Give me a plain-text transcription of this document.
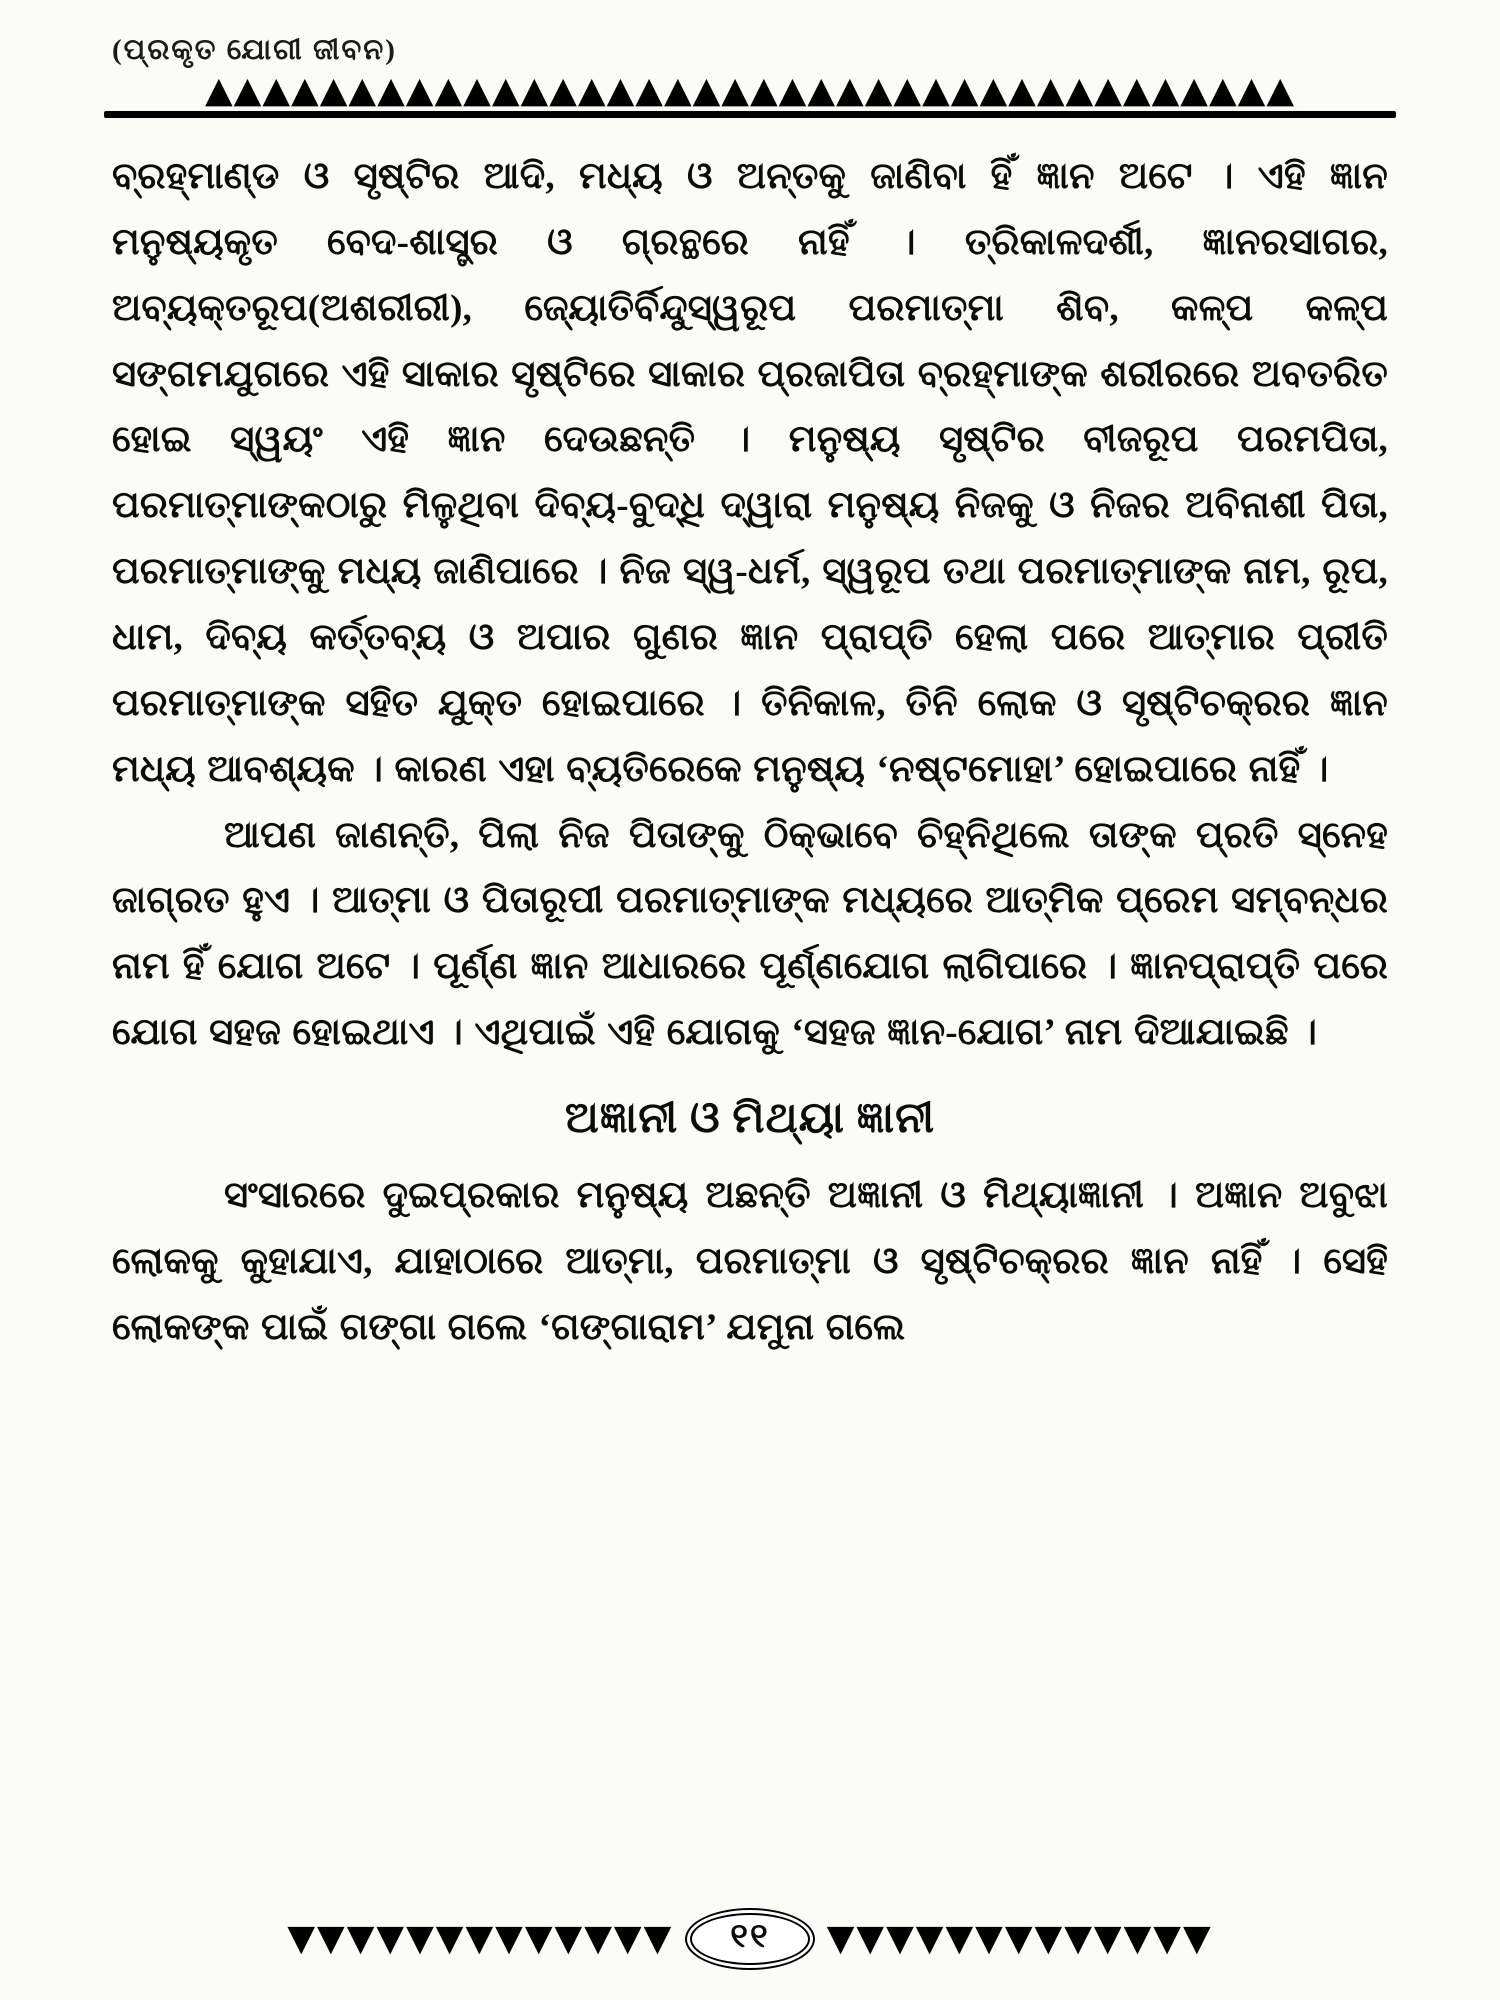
(ପ୍ରକୃତ ଯୋଗୀ ଜୀବନ)
▲▲▲▲▲▲▲▲▲▲▲▲▲▲▲▲▲▲▲▲▲▲▲▲▲▲▲▲▲▲▲▲▲▲▲▲▲▲

ବ୍ରହ୍ମାଣ୍ଡ ଓ ସୃଷ୍ଟିର ଆଦି, ମଧ୍ୟ ଓ ଅନ୍ତକୁ ଜାଣିବା ହିଁ ଜ୍ଞାନ ଅଟେ । ଏହି ଜ୍ଞାନ ମନୁଷ୍ୟକୃତ ବେଦ-ଶାସ୍ତ୍ର ଓ ଗ୍ରନ୍ଥରେ ନାହିଁ । ତ୍ରିକାଳଦର୍ଶୀ, ଜ୍ଞାନରସାଗର, ଅବ୍ୟକ୍ତରୂପ(ଅଶରୀରୀ), ଜ୍ୟୋତିର୍ବିନ୍ଦୁସ୍ୱରୂପ ପରମାତ୍ମା ଶିବ, କଳ୍ପ କଳ୍ପ ସଙ୍ଗମଯୁଗରେ ଏହି ସାକାର ସୃଷ୍ଟିରେ ସାକାର ପ୍ରଜାପିତା ବ୍ରହ୍ମାଙ୍କ ଶରୀରରେ ଅବତରିତ ହୋଇ ସ୍ୱୟଂ ଏହି ଜ୍ଞାନ ଦେଉଛନ୍ତି । ମନୁଷ୍ୟ ସୃଷ୍ଟିର ବୀଜରୂପ ପରମପିତା, ପରମାତ୍ମାଙ୍କଠାରୁ ମିଳୁଥିବା ଦିବ୍ୟ-ବୁଦ୍ଧି ଦ୍ୱାରା ମନୁଷ୍ୟ ନିଜକୁ ଓ ନିଜର ଅବିନାଶୀ ପିତା, ପରମାତ୍ମାଙ୍କୁ ମଧ୍ୟ ଜାଣିପାରେ । ନିଜ ସ୍ୱ-ଧର୍ମ, ସ୍ୱରୂପ ତଥା ପରମାତ୍ମାଙ୍କ ନାମ, ରୂପ, ଧାମ, ଦିବ୍ୟ କର୍ତ୍ତବ୍ୟ ଓ ଅପାର ଗୁଣର ଜ୍ଞାନ ପ୍ରାପ୍ତି ହେଲା ପରେ ଆତ୍ମାର ପ୍ରୀତି ପରମାତ୍ମାଙ୍କ ସହିତ ଯୁକ୍ତ ହୋଇପାରେ । ତିନିକାଳ, ତିନି ଲୋକ ଓ ସୃଷ୍ଟିଚକ୍ରର ଜ୍ଞାନ ମଧ୍ୟ ଆବଶ୍ୟକ । କାରଣ ଏହା ବ୍ୟତିରେକେ ମନୁଷ୍ୟ ‘ନଷ୍ଟମୋହା’ ହୋଇପାରେ ନାହିଁ ।

ଆପଣ ଜାଣନ୍ତି, ପିଲା ନିଜ ପିତାଙ୍କୁ ଠିକ୍‌ଭାବେ ଚିହ୍ନିଥିଲେ ତାଙ୍କ ପ୍ରତି ସ୍ନେହ ଜାଗ୍ରତ ହୁଏ । ଆତ୍ମା ଓ ପିତାରୂପୀ ପରମାତ୍ମାଙ୍କ ମଧ୍ୟରେ ଆତ୍ମିକ ପ୍ରେମ ସମ୍ବନ୍ଧର ନାମ ହିଁ ଯୋଗ ଅଟେ । ପୂର୍ଣ୍ଣ ଜ୍ଞାନ ଆଧାରରେ ପୂର୍ଣ୍ଣଯୋଗ ଲାଗିପାରେ । ଜ୍ଞାନପ୍ରାପ୍ତି ପରେ ଯୋଗ ସହଜ ହୋଇଥାଏ । ଏଥିପାଇଁ ଏହି ଯୋଗକୁ ‘ସହଜ ଜ୍ଞାନ-ଯୋଗ’ ନାମ ଦିଆଯାଇଛି ।

ଅଜ୍ଞାନୀ ଓ ମିଥ୍ୟା ଜ୍ଞାନୀ

ସଂସାରରେ ଦୁଇପ୍ରକାର ମନୁଷ୍ୟ ଅଛନ୍ତି ଅଜ୍ଞାନୀ ଓ ମିଥ୍ୟାଜ୍ଞାନୀ । ଅଜ୍ଞାନ ଅବୁଝା ଲୋକକୁ କୁହାଯାଏ, ଯାହାଠାରେ ଆତ୍ମା, ପରମାତ୍ମା ଓ ସୃଷ୍ଟିଚକ୍ରର ଜ୍ଞାନ ନାହିଁ । ସେହି ଲୋକଙ୍କ ପାଇଁ ଗଙ୍ଗା ଗଲେ ‘ଗଙ୍ଗାରାମ’ ଯମୁନା ଗଲେ

▼▼▼▼▼▼▼▼▼▼▼▼▼	୧୧	▼▼▼▼▼▼▼▼▼▼▼▼▼
